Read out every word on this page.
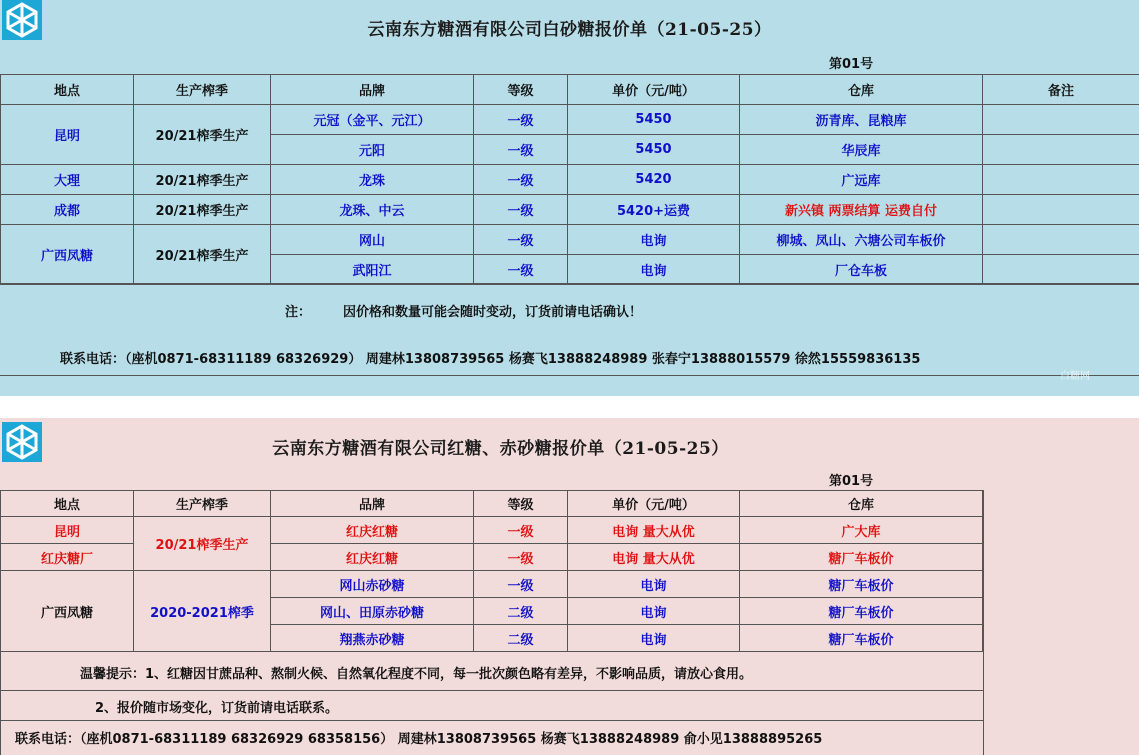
云南东方糖酒有限公司白砂糖报价单（21-05-25）
第01号
地点	生产榨季	品牌	等级	单价（元/吨）	仓库	备注
昆明	20/21榨季生产	元冠（金平、元江）	一级	5450	沥青库、昆粮库	
		元阳	一级	5450	华辰库	
大理	20/21榨季生产	龙珠	一级	5420	广远库	
成都	20/21榨季生产	龙珠、中云	一级	5420+运费	新兴镇 两票结算 运费自付	
广西凤糖	20/21榨季生产	网山	一级	电询	柳城、凤山、六塘公司车板价	
		武阳江	一级	电询	厂仓车板	
注： 因价格和数量可能会随时变动，订货前请电话确认！
联系电话：（座机0871-68311189 68326929） 周建林13808739565 杨赛飞13888248989 张春宁13888015579 徐然15559836135
白糖网
云南东方糖酒有限公司红糖、赤砂糖报价单（21-05-25）
第01号
地点	生产榨季	品牌	等级	单价（元/吨）	仓库
昆明	20/21榨季生产	红庆红糖	一级	电询 量大从优	广大库
红庆糖厂		红庆红糖	一级	电询 量大从优	糖厂车板价
广西凤糖	2020-2021榨季	网山赤砂糖	一级	电询	糖厂车板价
		网山、田原赤砂糖	二级	电询	糖厂车板价
		翔燕赤砂糖	二级	电询	糖厂车板价
温馨提示：1、红糖因甘蔗品种、熬制火候、自然氧化程度不同，每一批次颜色略有差异，不影响品质，请放心食用。
2、报价随市场变化，订货前请电话联系。
联系电话：（座机0871-68311189 68326929 68358156） 周建林13808739565 杨赛飞13888248989 俞小见13888895265
